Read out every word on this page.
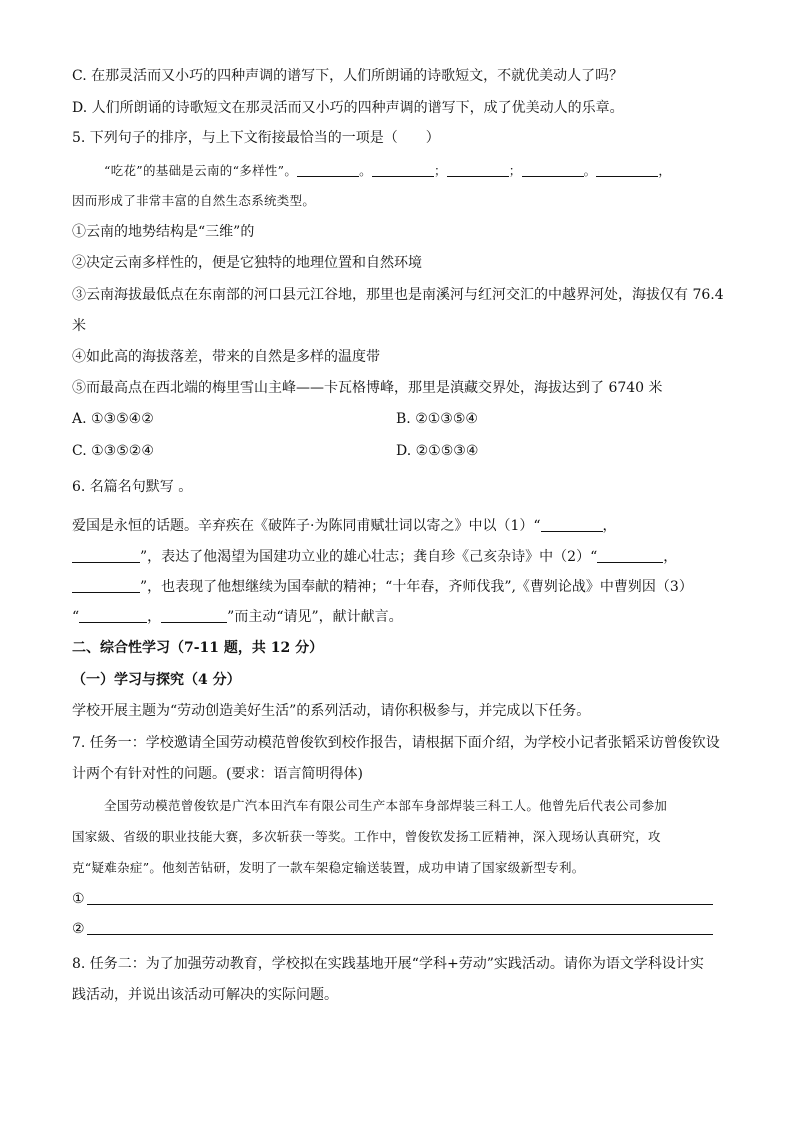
C. 在那灵活而又小巧的四种声调的谱写下，人们所朗诵的诗歌短文，不就优美动人了吗？
D. 人们所朗诵的诗歌短文在那灵活而又小巧的四种声调的谱写下，成了优美动人的乐章。
5. 下列句子的排序，与上下文衔接最恰当的一项是（　　）
“吃花”的基础是云南的“多样性”。	。	；	；	。	，
因而形成了非常丰富的自然生态系统类型。
①云南的地势结构是“三维”的
②决定云南多样性的，便是它独特的地理位置和自然环境
③云南海拔最低点在东南部的河口县元江谷地，那里也是南溪河与红河交汇的中越界河处，海拔仅有 76.4
米
④如此高的海拔落差，带来的自然是多样的温度带
⑤而最高点在西北端的梅里雪山主峰——卡瓦格博峰，那里是滇藏交界处，海拔达到了 6740 米
A. ①③⑤④②	B. ②①③⑤④
C. ①③⑤②④	D. ②①⑤③④
6. 名篇名句默写 。
爱国是永恒的话题。辛弃疾在《破阵子·为陈同甫赋壮词以寄之》中以（1）“	，
”，表达了他渴望为国建功立业的雄心壮志；龚自珍《己亥杂诗》中（2）“	，
”，也表现了他想继续为国奉献的精神；“十年春，齐师伐我”,《曹刿论战》中曹刿因（3）
“	，	”而主动“请见”，献计献言。
二、综合性学习（7-11 题，共 12 分）
（一）学习与探究（4 分）
学校开展主题为“劳动创造美好生活”的系列活动，请你积极参与，并完成以下任务。
7. 任务一：学校邀请全国劳动模范曾俊钦到校作报告，请根据下面介绍，为学校小记者张韬采访曾俊钦设
计两个有针对性的问题。(要求：语言简明得体)
全国劳动模范曾俊钦是广汽本田汽车有限公司生产本部车身部焊装三科工人。他曾先后代表公司参加
国家級、省级的职业技能大赛，多次斩获一等奖。工作中，曾俊钦发扬工匠精神，深入现场认真研究，攻
克“疑难杂症”。他刻苦钻研，发明了一款车架稳定输送装置，成功申请了国家级新型专利。
①
②
8. 任务二：为了加强劳动教育，学校拟在实践基地开展“学科+劳动”实践活动。请你为语文学科设计实
践活动，并说出该活动可解决的实际问题。
